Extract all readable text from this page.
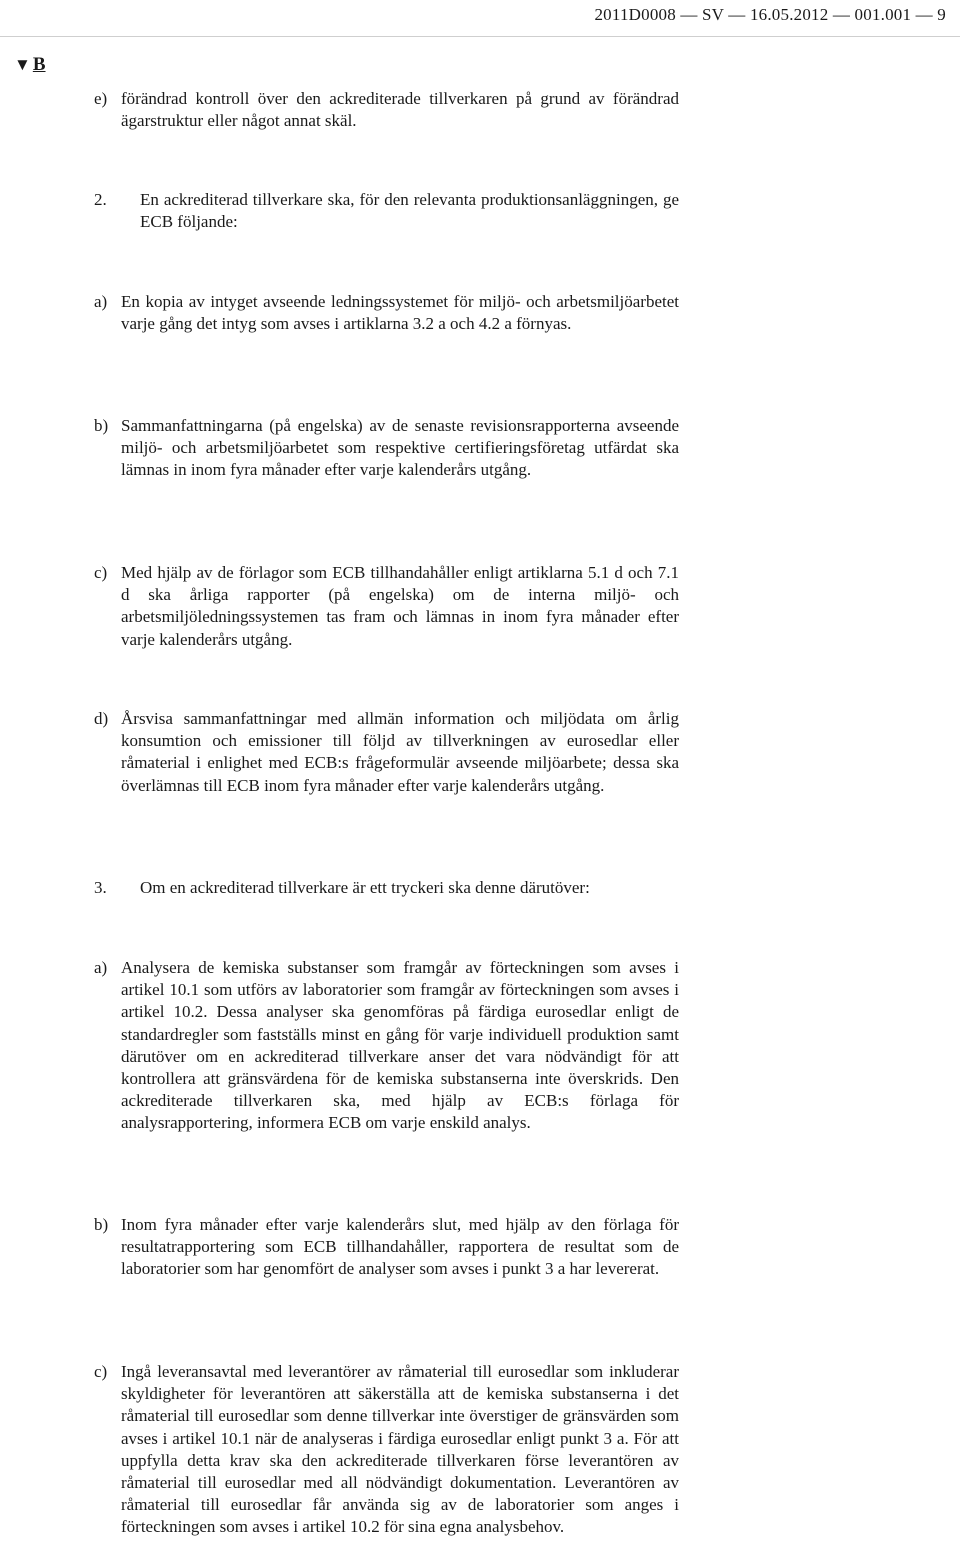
2011D0008 — SV — 16.05.2012 — 001.001 — 9
▼ B
e) förändrad kontroll över den ackrediterade tillverkaren på grund av förändrad ägarstruktur eller något annat skäl.
2. En ackrediterad tillverkare ska, för den relevanta produktionsanläggningen, ge ECB följande:
a) En kopia av intyget avseende ledningssystemet för miljö- och arbetsmiljöarbetet varje gång det intyg som avses i artiklarna 3.2 a och 4.2 a förnyas.
b) Sammanfattningarna (på engelska) av de senaste revisionsrapporterna avseende miljö- och arbetsmiljöarbetet som respektive certifieringsföretag utfärdat ska lämnas in inom fyra månader efter varje kalenderårs utgång.
c) Med hjälp av de förlagor som ECB tillhandahåller enligt artiklarna 5.1 d och 7.1 d ska årliga rapporter (på engelska) om de interna miljö- och arbetsmiljöledningssystemen tas fram och lämnas in inom fyra månader efter varje kalenderårs utgång.
d) Årsvisa sammanfattningar med allmän information och miljödata om årlig konsumtion och emissioner till följd av tillverkningen av eurosedlar eller råmaterial i enlighet med ECB:s frågeformulär avseende miljöarbete; dessa ska överlämnas till ECB inom fyra månader efter varje kalenderårs utgång.
3. Om en ackrediterad tillverkare är ett tryckeri ska denne därutöver:
a) Analysera de kemiska substanser som framgår av förteckningen som avses i artikel 10.1 som utförs av laboratorier som framgår av förteckningen som avses i artikel 10.2. Dessa analyser ska genomföras på färdiga eurosedlar enligt de standardregler som fastställs minst en gång för varje individuell produktion samt därutöver om en ackrediterad tillverkare anser det vara nödvändigt för att kontrollera att gränsvärdena för de kemiska substanserna inte överskrids. Den ackrediterade tillverkaren ska, med hjälp av ECB:s förlaga för analysrapportering, informera ECB om varje enskild analys.
b) Inom fyra månader efter varje kalenderårs slut, med hjälp av den förlaga för resultatrapportering som ECB tillhandahåller, rapportera de resultat som de laboratorier som har genomfört de analyser som avses i punkt 3 a har levererat.
c) Ingå leveransavtal med leverantörer av råmaterial till eurosedlar som inkluderar skyldigheter för leverantören att säkerställa att de kemiska substanserna i det råmaterial till eurosedlar som denne tillverkar inte överstiger de gränsvärden som avses i artikel 10.1 när de analyseras i färdiga eurosedlar enligt punkt 3 a. För att uppfylla detta krav ska den ackrediterade tillverkaren förse leverantören av råmaterial till eurosedlar med all nödvändigt dokumentation. Leverantören av råmaterial till eurosedlar får använda sig av de laboratorier som anges i förteckningen som avses i artikel 10.2 för sina egna analysbehov.
